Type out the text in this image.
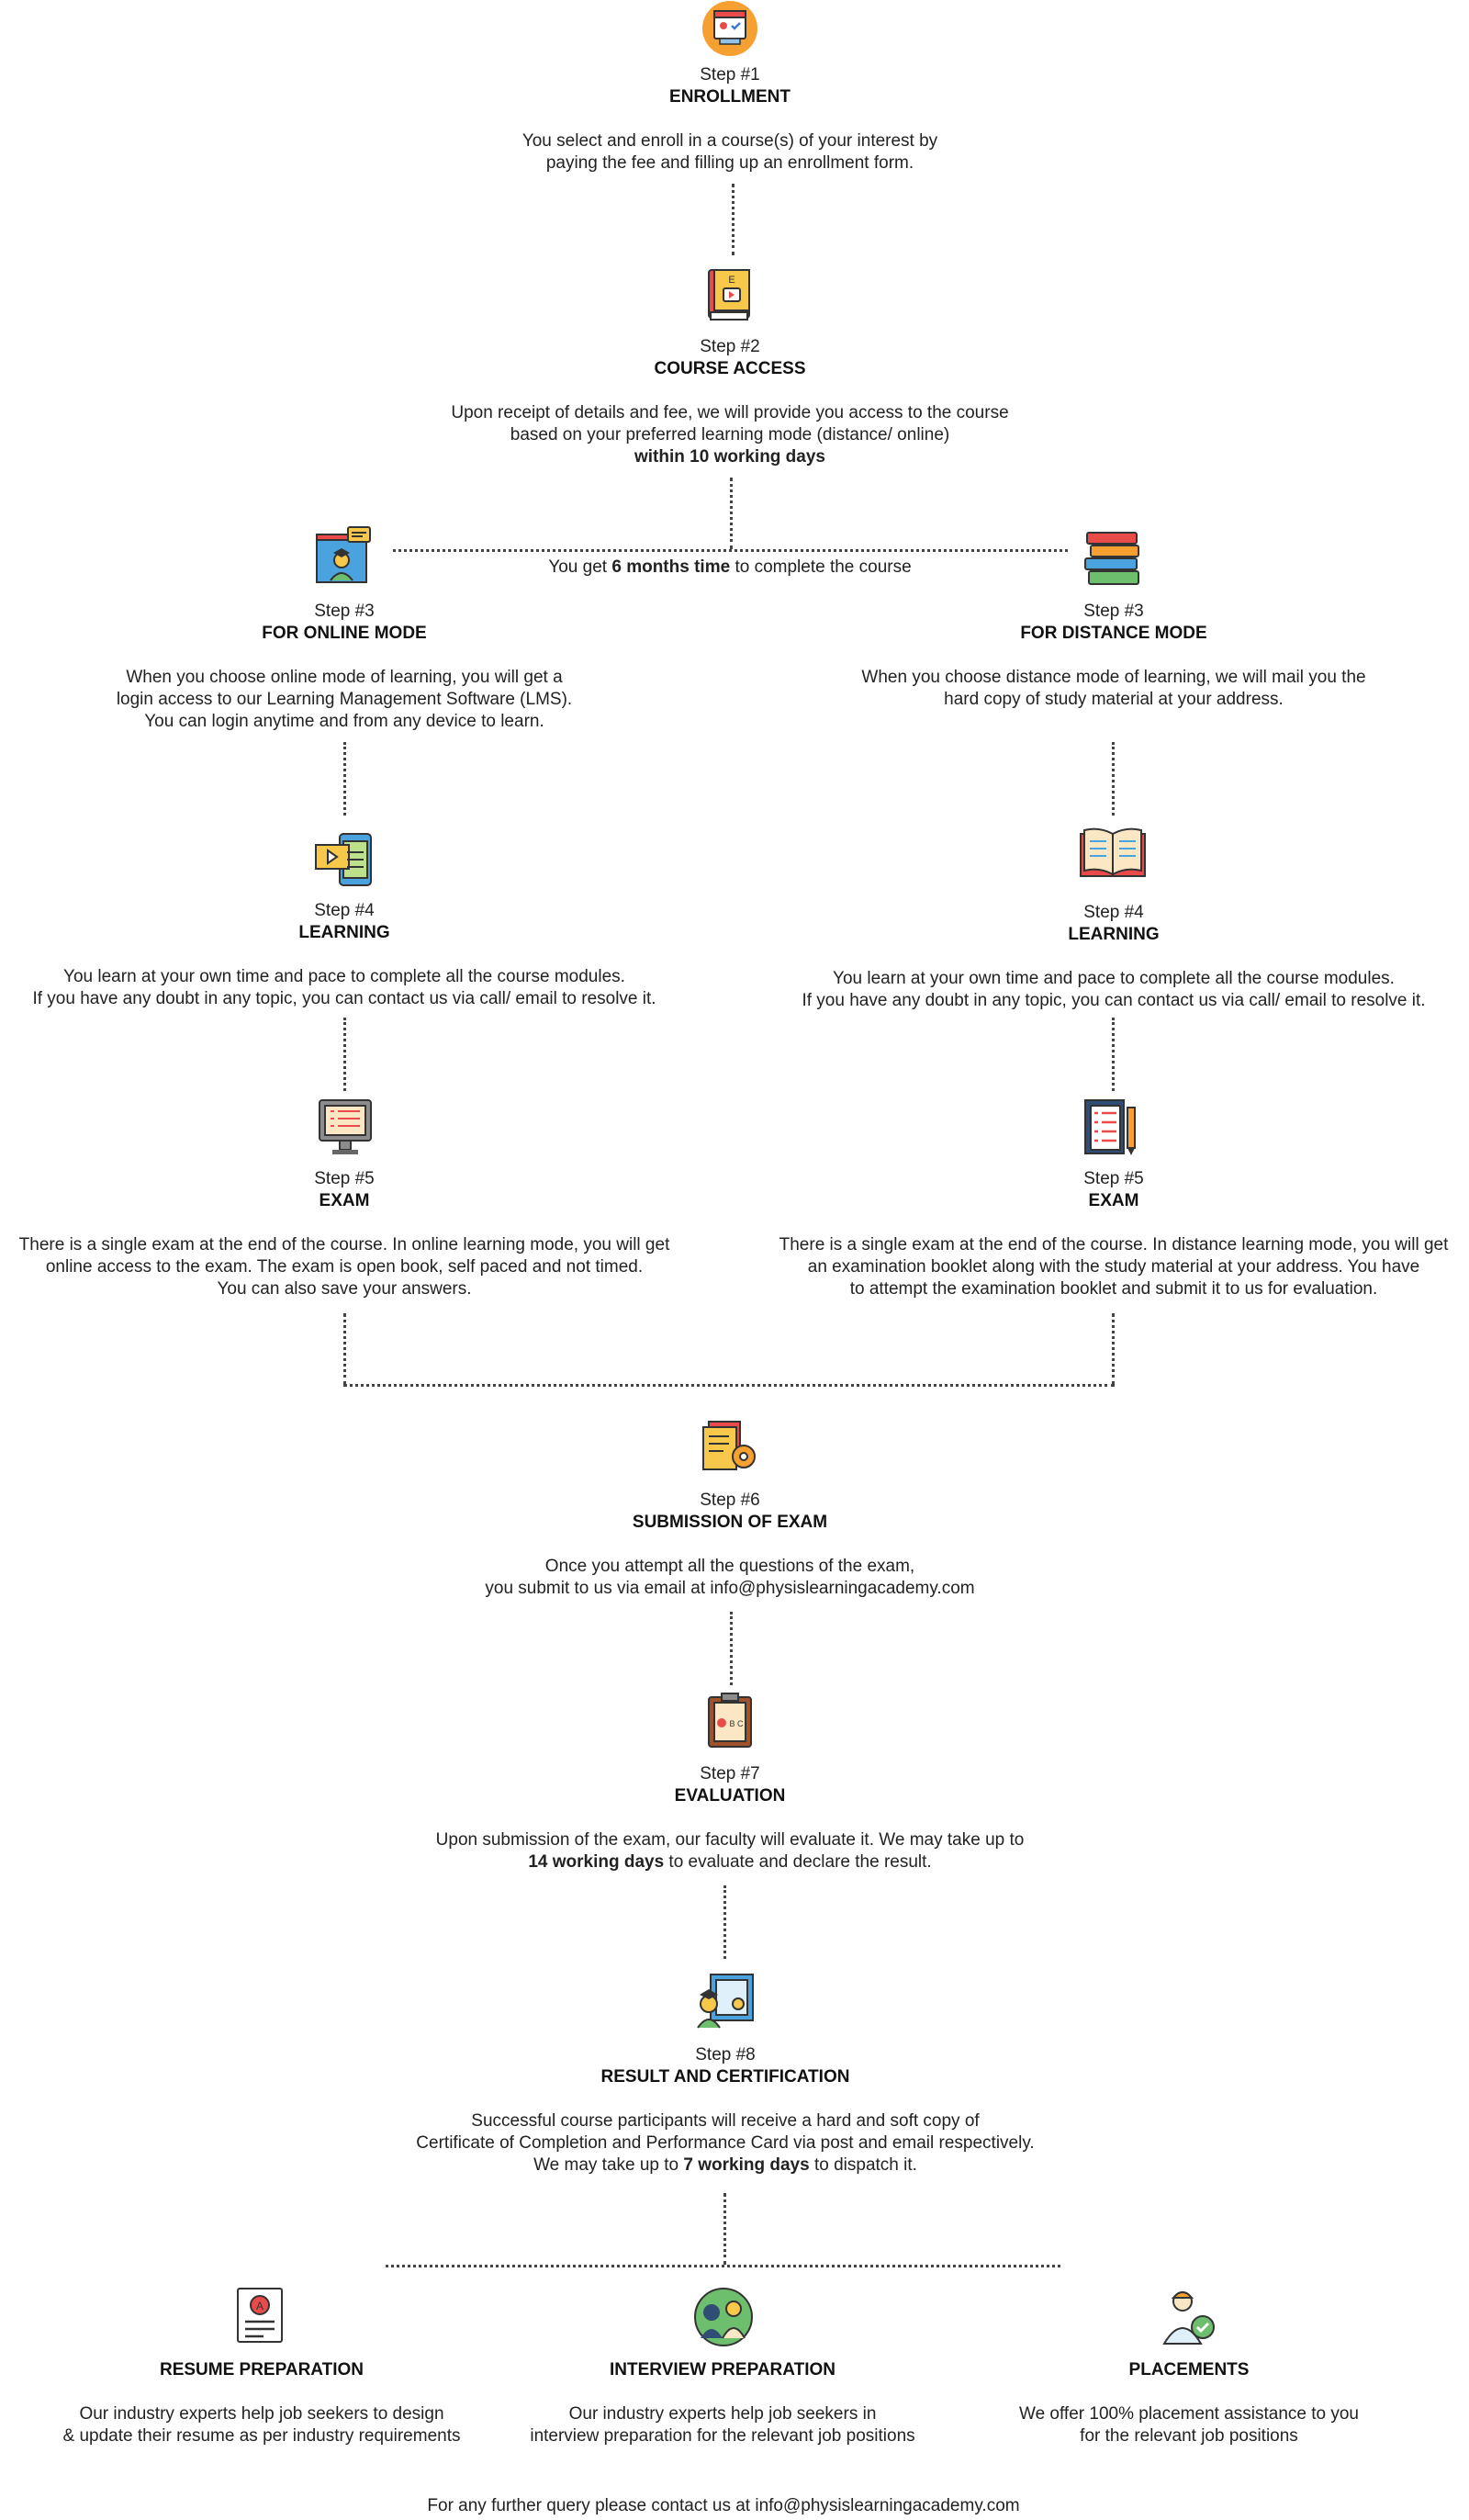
E
B C
A
Step #1
ENROLLMENT
You select and enroll in a course(s) of your interest by
paying the fee and filling up an enrollment form.
Step #2
COURSE ACCESS
Upon receipt of details and fee, we will provide you access to the course
based on your preferred learning mode (distance/ online)
within 10 working days
You get 6 months time to complete the course
Step #3
FOR ONLINE MODE
When you choose online mode of learning, you will get a
login access to our Learning Management Software (LMS).
You can login anytime and from any device to learn.
Step #3
FOR DISTANCE MODE
When you choose distance mode of learning, we will mail you the
hard copy of study material at your address.
Step #4
LEARNING
You learn at your own time and pace to complete all the course modules.
If you have any doubt in any topic, you can contact us via call/ email to resolve it.
Step #4
LEARNING
You learn at your own time and pace to complete all the course modules.
If you have any doubt in any topic, you can contact us via call/ email to resolve it.
Step #5
EXAM
There is a single exam at the end of the course. In online learning mode, you will get
online access to the exam. The exam is open book, self paced and not timed.
You can also save your answers.
Step #5
EXAM
There is a single exam at the end of the course. In distance learning mode, you will get
an examination booklet along with the study material at your address. You have
to attempt the examination booklet and submit it to us for evaluation.
Step #6
SUBMISSION OF EXAM
Once you attempt all the questions of the exam,
you submit to us via email at info@physislearningacademy.com
Step #7
EVALUATION
Upon submission of the exam, our faculty will evaluate it. We may take up to
14 working days to evaluate and declare the result.
Step #8
RESULT AND CERTIFICATION
Successful course participants will receive a hard and soft copy of
Certificate of Completion and Performance Card via post and email respectively.
We may take up to 7 working days to dispatch it.
RESUME PREPARATION
Our industry experts help job seekers to design
& update their resume as per industry requirements
INTERVIEW PREPARATION
Our industry experts help job seekers in
interview preparation for the relevant job positions
PLACEMENTS
We offer 100% placement assistance to you
for the relevant job positions
For any further query please contact us at info@physislearningacademy.com
